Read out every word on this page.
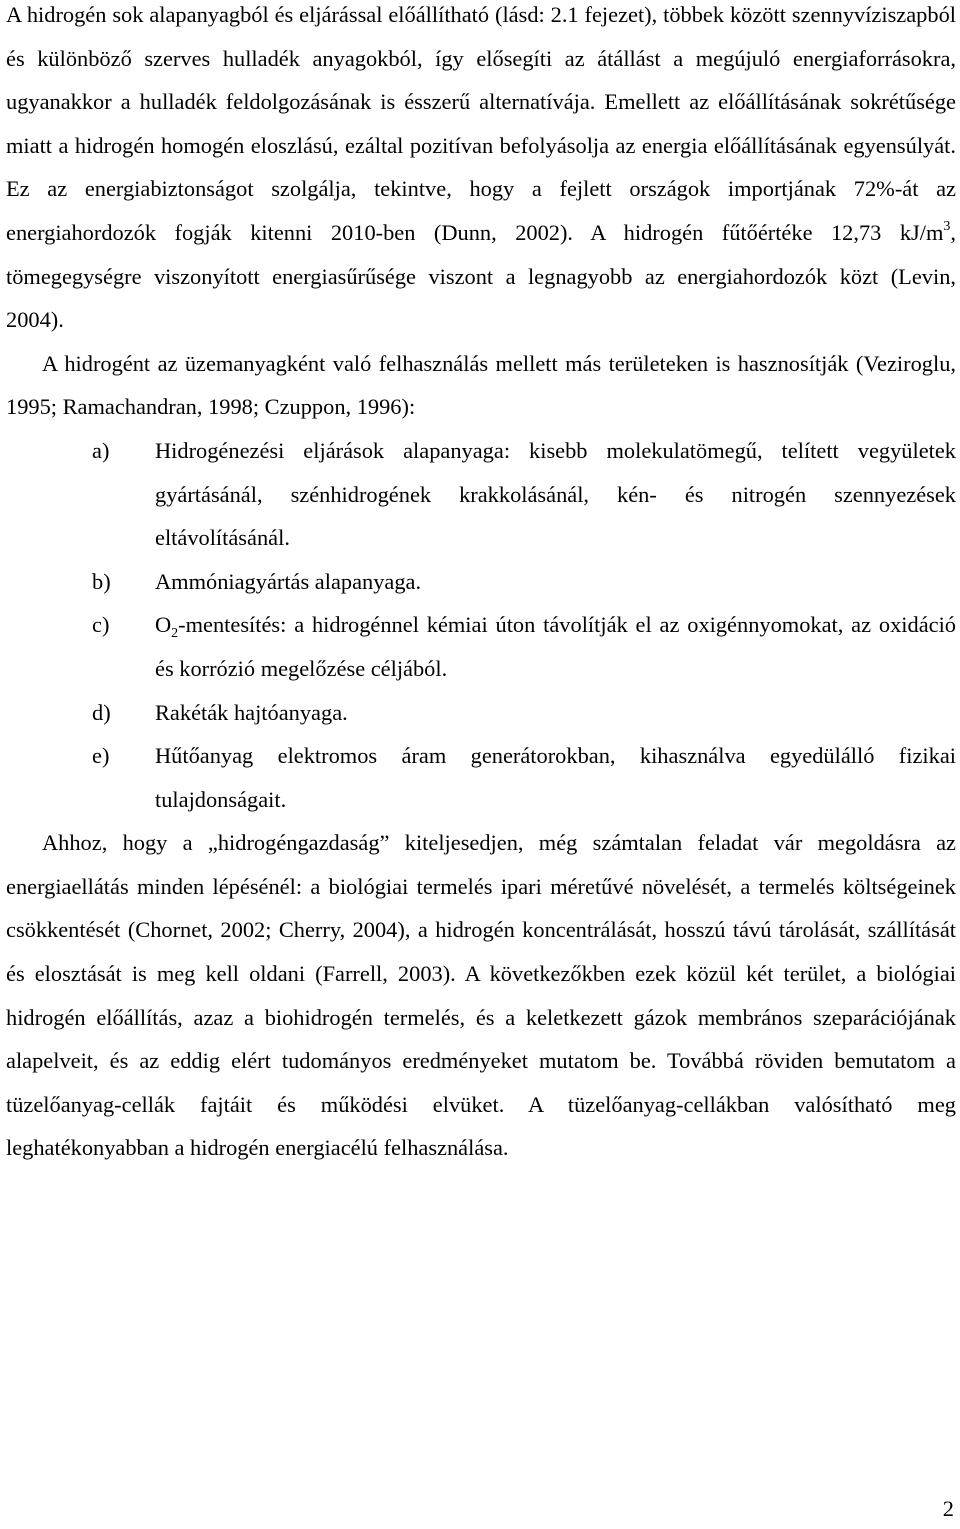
A hidrogén sok alapanyagból és eljárással előállítható (lásd: 2.1 fejezet), többek között szennyvíziszapból és különböző szerves hulladék anyagokból, így elősegíti az átállást a megújuló energiaforrásokra, ugyanakkor a hulladék feldolgozásának is ésszerű alternatívája. Emellett az előállításának sokrétűsége miatt a hidrogén homogén eloszlású, ezáltal pozitívan befolyásolja az energia előállításának egyensúlyát. Ez az energiabiztonságot szolgálja, tekintve, hogy a fejlett országok importjának 72%-át az energiahordozók fogják kitenni 2010-ben (Dunn, 2002). A hidrogén fűtőértéke 12,73 $kJ/m^3$, tömegegységre viszonyított energiasűrűsége viszont a legnagyobb az energiahordozók közt (Levin, 2004).

A hidrogént az üzemanyagként való felhasználás mellett más területeken is hasznosítják (Veziroglu, 1995; Ramachandran, 1998; Czuppon, 1996):

a)	Hidrogénezési eljárások alapanyaga: kisebb molekulatömegű, telített vegyületek gyártásánál, szénhidrogének krakkolásánál, kén- és nitrogén szennyezések eltávolításánál.
b)	Ammóniagyártás alapanyaga.
c)	$O_2$-mentesítés: a hidrogénnel kémiai úton távolítják el az oxigénnyomokat, az oxidáció és korrózió megelőzése céljából.
d)	Rakéták hajtóanyaga.
e)	Hűtőanyag elektromos áram generátorokban, kihasználva egyedülálló fizikai tulajdonságait.

Ahhoz, hogy a „hidrogéngazdaság” kiteljesedjen, még számtalan feladat vár megoldásra az energiaellátás minden lépésénél: a biológiai termelés ipari méretűvé növelését, a termelés költségeinek csökkentését (Chornet, 2002; Cherry, 2004), a hidrogén koncentrálását, hosszú távú tárolását, szállítását és elosztását is meg kell oldani (Farrell, 2003). A következőkben ezek közül két terület, a biológiai hidrogén előállítás, azaz a biohidrogén termelés, és a keletkezett gázok membrános szeparációjának alapelveit, és az eddig elért tudományos eredményeket mutatom be. Továbbá röviden bemutatom a tüzelőanyag-cellák fajtáit és működési elvüket. A tüzelőanyag-cellákban valósítható meg leghatékonyabban a hidrogén energiacélú felhasználása.

2
